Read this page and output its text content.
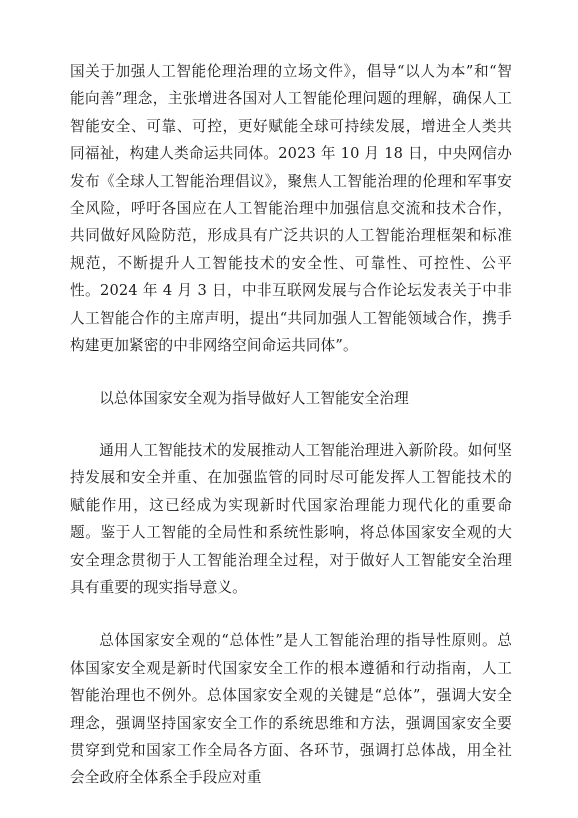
国关于加强人工智能伦理治理的立场文件》，倡导“以人为本”和“智能向善”理念，主张增进各国对人工智能伦理问题的理解，确保人工智能安全、可靠、可控，更好赋能全球可持续发展，增进全人类共同福祉，构建人类命运共同体。2023 年 10 月 18 日，中央网信办发布《全球人工智能治理倡议》，聚焦人工智能治理的伦理和军事安全风险，呼吁各国应在人工智能治理中加强信息交流和技术合作，共同做好风险防范，形成具有广泛共识的人工智能治理框架和标准规范，不断提升人工智能技术的安全性、可靠性、可控性、公平性。2024 年 4 月 3 日，中非互联网发展与合作论坛发表关于中非人工智能合作的主席声明，提出“共同加强人工智能领域合作，携手构建更加紧密的中非网络空间命运共同体”。

以总体国家安全观为指导做好人工智能安全治理

通用人工智能技术的发展推动人工智能治理进入新阶段。如何坚持发展和安全并重、在加强监管的同时尽可能发挥人工智能技术的赋能作用，这已经成为实现新时代国家治理能力现代化的重要命题。鉴于人工智能的全局性和系统性影响，将总体国家安全观的大安全理念贯彻于人工智能治理全过程，对于做好人工智能安全治理具有重要的现实指导意义。

总体国家安全观的“总体性”是人工智能治理的指导性原则。总体国家安全观是新时代国家安全工作的根本遵循和行动指南，人工智能治理也不例外。总体国家安全观的关键是“总体”，强调大安全理念，强调坚持国家安全工作的系统思维和方法，强调国家安全要贯穿到党和国家工作全局各方面、各环节，强调打总体战，用全社会全政府全体系全手段应对重
